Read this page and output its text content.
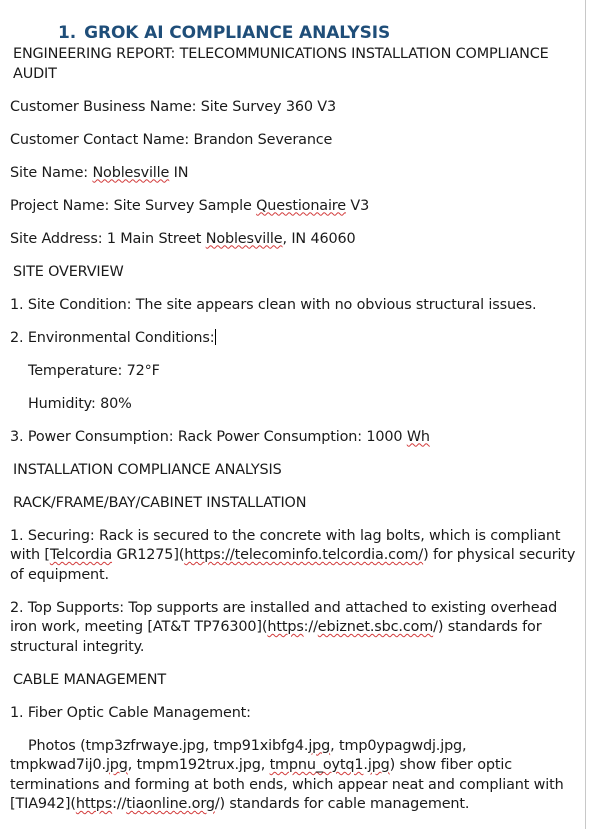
1. GROK AI COMPLIANCE ANALYSIS

ENGINEERING REPORT: TELECOMMUNICATIONS INSTALLATION COMPLIANCE AUDIT

Customer Business Name: Site Survey 360 V3

Customer Contact Name: Brandon Severance

Site Name: Noblesville IN

Project Name: Site Survey Sample Questionaire V3

Site Address: 1 Main Street Noblesville, IN 46060

SITE OVERVIEW

1. Site Condition: The site appears clean with no obvious structural issues.

2. Environmental Conditions:

Temperature: 72°F

Humidity: 80%

3. Power Consumption: Rack Power Consumption: 1000 Wh

INSTALLATION COMPLIANCE ANALYSIS

RACK/FRAME/BAY/CABINET INSTALLATION

1. Securing: Rack is secured to the concrete with lag bolts, which is compliant with [Telcordia GR1275](https://telecominfo.telcordia.com/) for physical security of equipment.

2. Top Supports: Top supports are installed and attached to existing overhead iron work, meeting [AT&T TP76300](https://ebiznet.sbc.com/) standards for structural integrity.

CABLE MANAGEMENT

1. Fiber Optic Cable Management:

Photos (tmp3zfrwaye.jpg, tmp91xibfg4.jpg, tmp0ypagwdj.jpg, tmpkwad7ij0.jpg, tmpm192trux.jpg, tmpnu_oytq1.jpg) show fiber optic terminations and forming at both ends, which appear neat and compliant with [TIA942](https://tiaonline.org/) standards for cable management.
